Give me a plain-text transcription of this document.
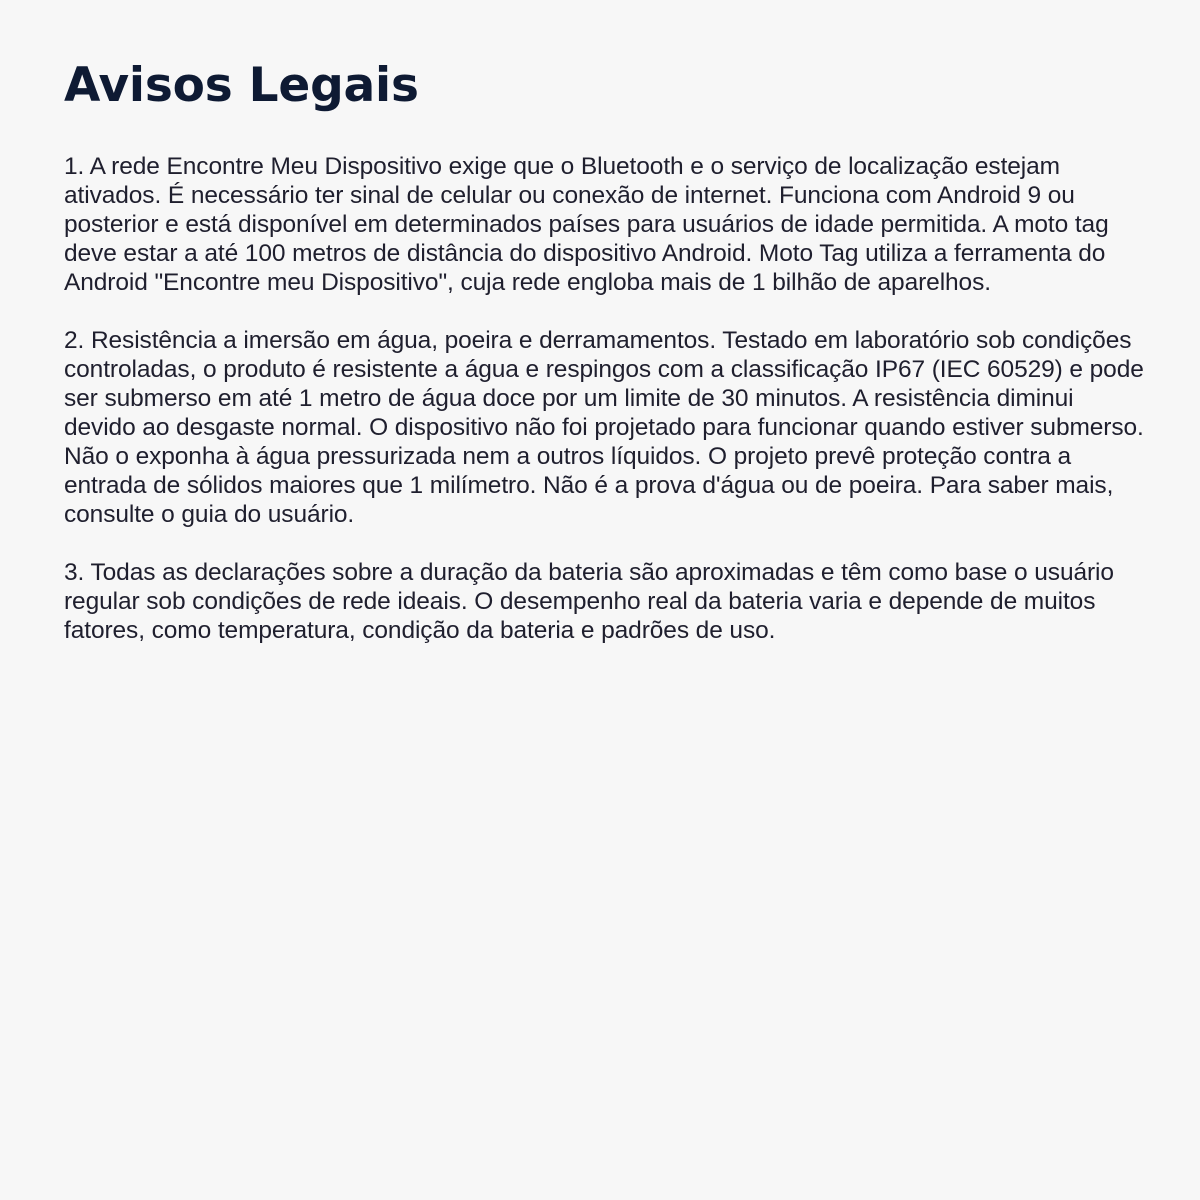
Avisos Legais

1. A rede Encontre Meu Dispositivo exige que o Bluetooth e o serviço de localização estejam ativados. É necessário ter sinal de celular ou conexão de internet. Funciona com Android 9 ou posterior e está disponível em determinados países para usuários de idade permitida. A moto tag deve estar a até 100 metros de distância do dispositivo Android. Moto Tag utiliza a ferramenta do Android "Encontre meu Dispositivo", cuja rede engloba mais de 1 bilhão de aparelhos.

2. Resistência a imersão em água, poeira e derramamentos. Testado em laboratório sob condições controladas, o produto é resistente a água e respingos com a classificação IP67 (IEC 60529) e pode ser submerso em até 1 metro de água doce por um limite de 30 minutos. A resistência diminui devido ao desgaste normal. O dispositivo não foi projetado para funcionar quando estiver submerso. Não o exponha à água pressurizada nem a outros líquidos. O projeto prevê proteção contra a entrada de sólidos maiores que 1 milímetro. Não é a prova d'água ou de poeira. Para saber mais, consulte o guia do usuário.

3. Todas as declarações sobre a duração da bateria são aproximadas e têm como base o usuário regular sob condições de rede ideais. O desempenho real da bateria varia e depende de muitos fatores, como temperatura, condição da bateria e padrões de uso.
